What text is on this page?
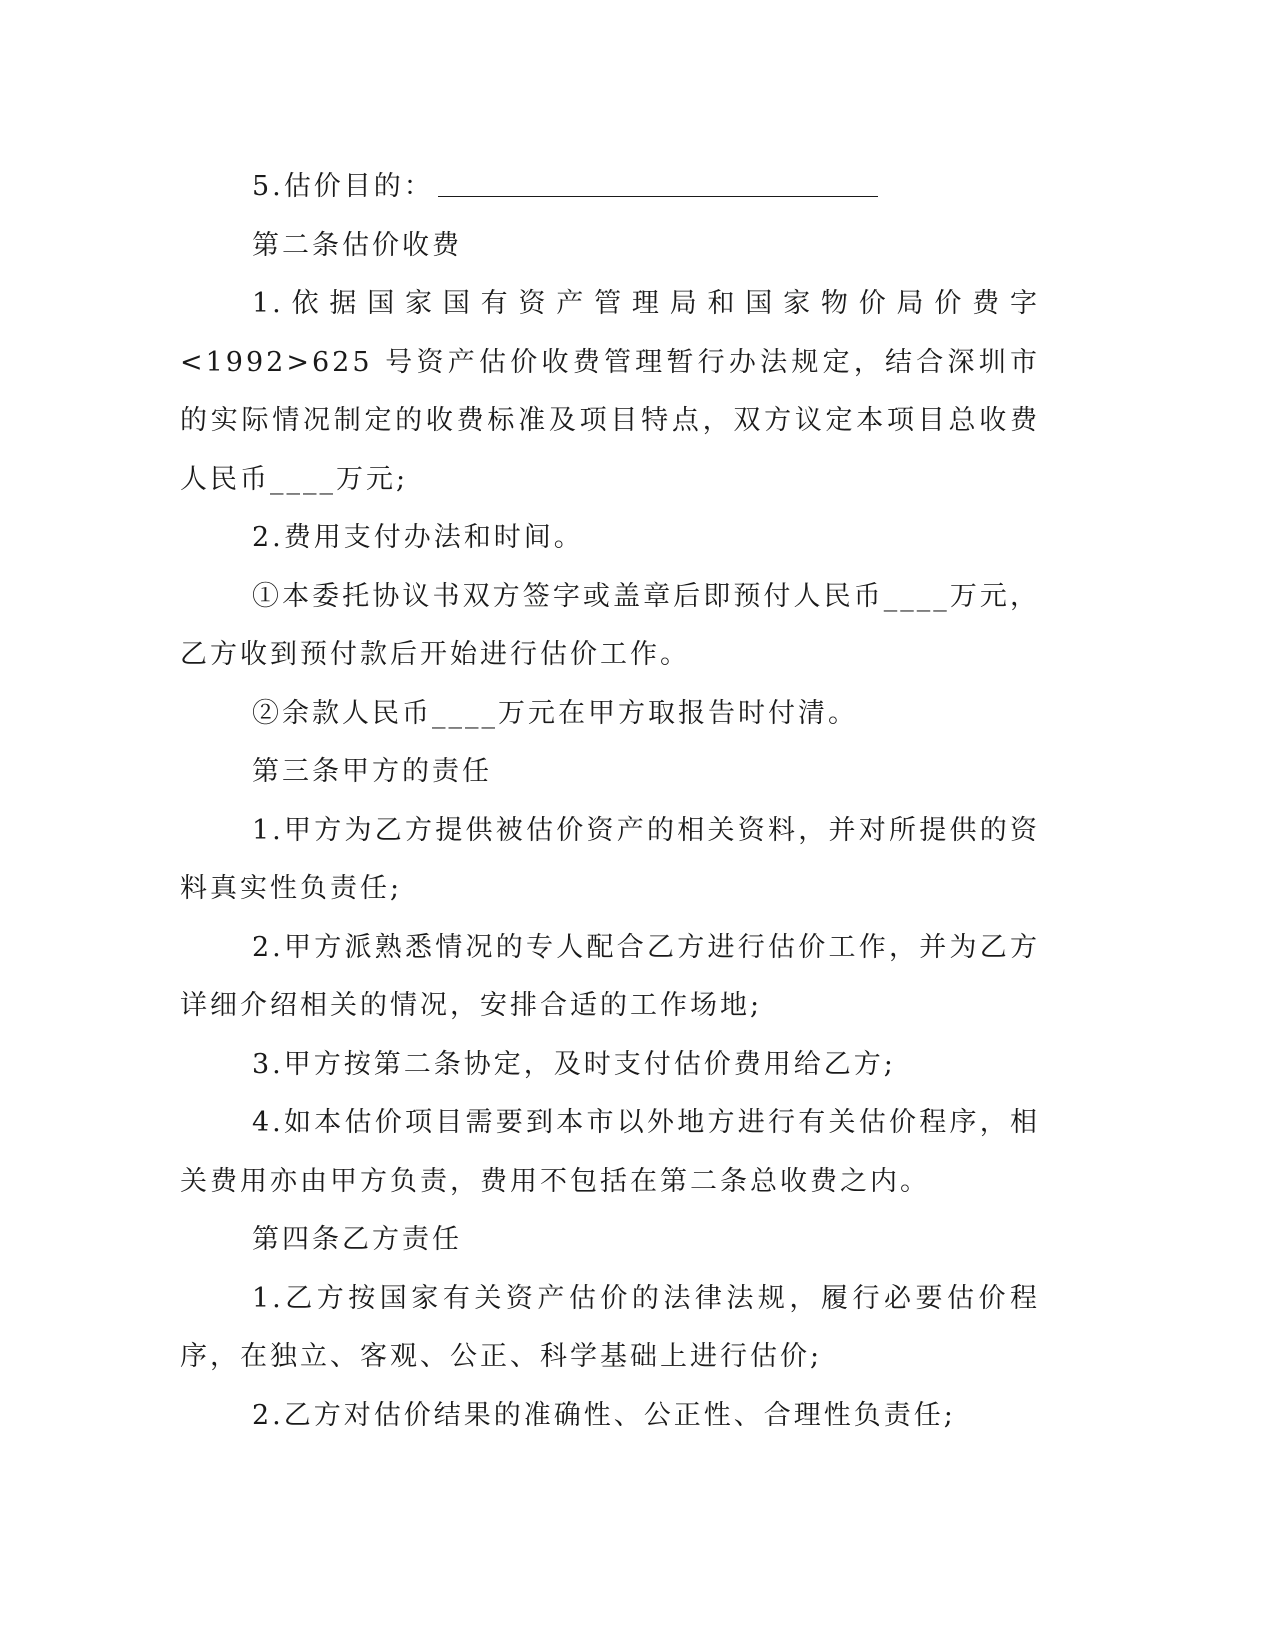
5.估价目的：

第二条估价收费

1.依据国家国有资产管理局和国家物价局价费字<1992>625 号资产估价收费管理暂行办法规定，结合深圳市的实际情况制定的收费标准及项目特点，双方议定本项目总收费人民币____万元;

2.费用支付办法和时间。

①本委托协议书双方签字或盖章后即预付人民币____万元，乙方收到预付款后开始进行估价工作。

②余款人民币____万元在甲方取报告时付清。

第三条甲方的责任

1.甲方为乙方提供被估价资产的相关资料，并对所提供的资料真实性负责任;

2.甲方派熟悉情况的专人配合乙方进行估价工作，并为乙方详细介绍相关的情况，安排合适的工作场地;

3.甲方按第二条协定，及时支付估价费用给乙方;

4.如本估价项目需要到本市以外地方进行有关估价程序，相关费用亦由甲方负责，费用不包括在第二条总收费之内。

第四条乙方责任

1.乙方按国家有关资产估价的法律法规，履行必要估价程序，在独立、客观、公正、科学基础上进行估价;

2.乙方对估价结果的准确性、公正性、合理性负责任;
